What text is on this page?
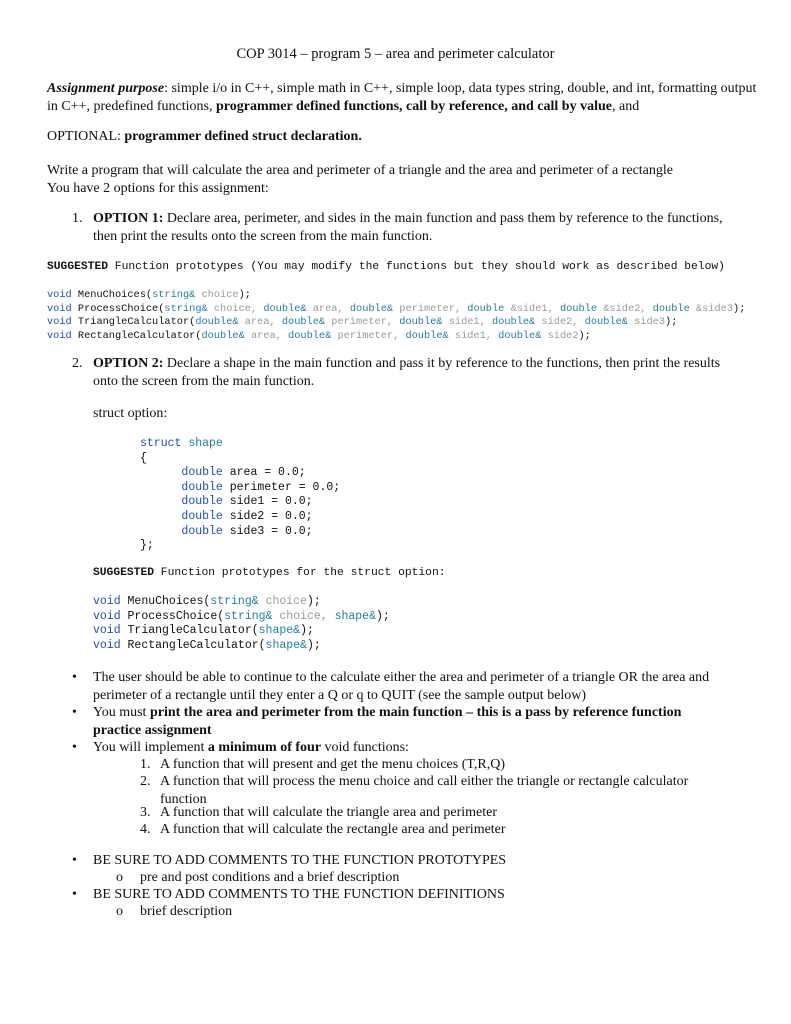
COP 3014 – program 5 – area and perimeter calculator
Assignment purpose: simple i/o in C++, simple math in C++, simple loop, data types string, double, and int, formatting output in C++, predefined functions, programmer defined functions, call by reference, and call by value, and
OPTIONAL: programmer defined struct declaration.
Write a program that will calculate the area and perimeter of a triangle and the area and perimeter of a rectangle
You have 2 options for this assignment:
1. OPTION 1: Declare area, perimeter, and sides in the main function and pass them by reference to the functions, then print the results onto the screen from the main function.
SUGGESTED Function prototypes (You may modify the functions but they should work as described below)
void MenuChoices(string& choice);
void ProcessChoice(string& choice, double& area, double& perimeter, double &side1, double &side2, double &side3);
void TriangleCalculator(double& area, double& perimeter, double& side1, double& side2, double& side3);
void RectangleCalculator(double& area, double& perimeter, double& side1, double& side2);
2. OPTION 2: Declare a shape in the main function and pass it by reference to the functions, then print the results onto the screen from the main function.
struct option:
struct shape
{
double area = 0.0;
double perimeter = 0.0;
double side1 = 0.0;
double side2 = 0.0;
double side3 = 0.0;
};
SUGGESTED Function prototypes for the struct option:
void MenuChoices(string& choice);
void ProcessChoice(string& choice, shape&);
void TriangleCalculator(shape&);
void RectangleCalculator(shape&);
• The user should be able to continue to the calculate either the area and perimeter of a triangle OR the area and perimeter of a rectangle until they enter a Q or q to QUIT (see the sample output below)
• You must print the area and perimeter from the main function – this is a pass by reference function practice assignment
• You will implement a minimum of four void functions:
1. A function that will present and get the menu choices (T,R,Q)
2. A function that will process the menu choice and call either the triangle or rectangle calculator function
3. A function that will calculate the triangle area and perimeter
4. A function that will calculate the rectangle area and perimeter
• BE SURE TO ADD COMMENTS TO THE FUNCTION PROTOTYPES
o pre and post conditions and a brief description
• BE SURE TO ADD COMMENTS TO THE FUNCTION DEFINITIONS
o brief description
